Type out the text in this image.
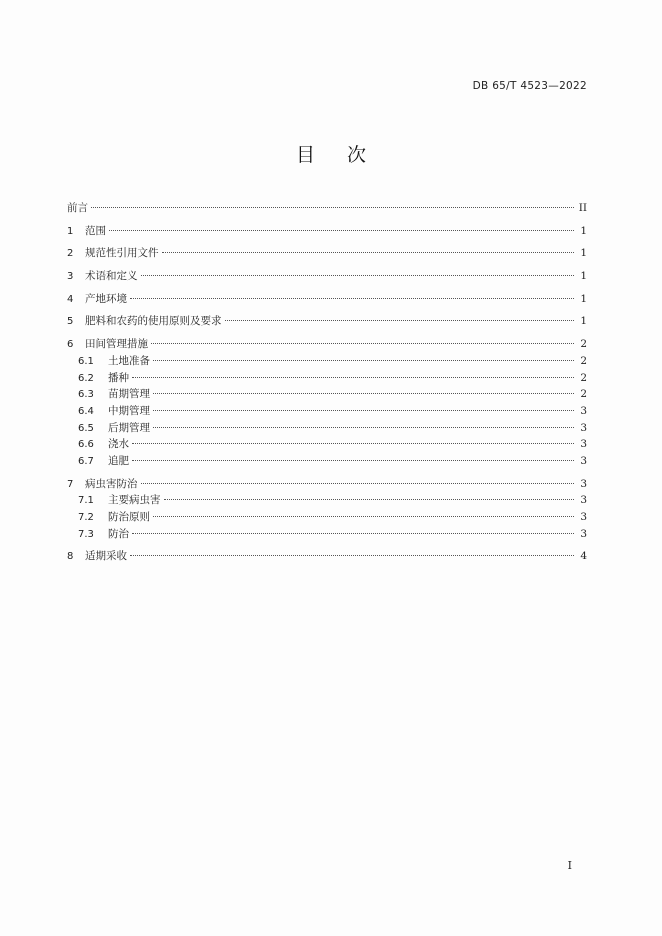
DB 65/T 4523—2022
目次
前言	II
1	范围	1
2	规范性引用文件	1
3	术语和定义	1
4	产地环境	1
5	肥料和农药的使用原则及要求	1
6	田间管理措施	2
6.1	土地准备	2
6.2	播种	2
6.3	苗期管理	2
6.4	中期管理	3
6.5	后期管理	3
6.6	浇水	3
6.7	追肥	3
7	病虫害防治	3
7.1	主要病虫害	3
7.2	防治原则	3
7.3	防治	3
8	适期采收	4
I
